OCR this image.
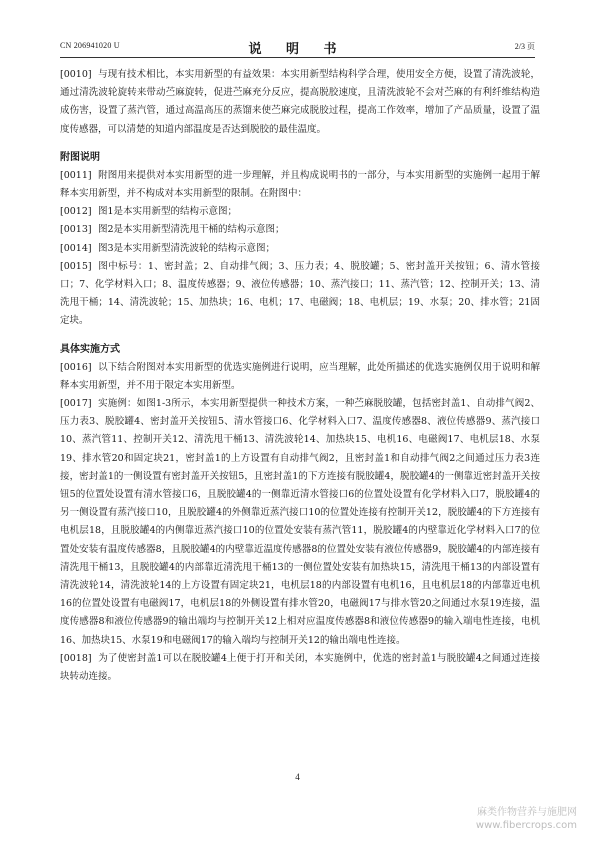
CN 206941020 U	说 明 书	2/3 页

[0010] 与现有技术相比，本实用新型的有益效果：本实用新型结构科学合理，使用安全方便，设置了清洗波轮，通过清洗波轮旋转来带动苎麻旋转，促进苎麻充分反应，提高脱胶速度，且清洗波轮不会对苎麻的有利纤维结构造成伤害，设置了蒸汽管，通过高温高压的蒸馏来使苎麻完成脱胶过程，提高工作效率，增加了产品质量，设置了温度传感器，可以清楚的知道内部温度是否达到脱胶的最佳温度。

附图说明

[0011] 附图用来提供对本实用新型的进一步理解，并且构成说明书的一部分，与本实用新型的实施例一起用于解释本实用新型，并不构成对本实用新型的限制。在附图中：

[0012] 图1是本实用新型的结构示意图；

[0013] 图2是本实用新型清洗甩干桶的结构示意图；

[0014] 图3是本实用新型清洗波轮的结构示意图；

[0015] 图中标号：1、密封盖；2、自动排气阀；3、压力表；4、脱胶罐；5、密封盖开关按钮；6、清水管接口；7、化学材料入口；8、温度传感器；9、液位传感器；10、蒸汽接口；11、蒸汽管；12、控制开关；13、清洗甩干桶；14、清洗波轮；15、加热块；16、电机；17、电磁阀；18、电机层；19、水泵；20、排水管；21固定块。

具体实施方式

[0016] 以下结合附图对本实用新型的优选实施例进行说明，应当理解，此处所描述的优选实施例仅用于说明和解释本实用新型，并不用于限定本实用新型。

[0017] 实施例：如图1-3所示，本实用新型提供一种技术方案，一种苎麻脱胶罐，包括密封盖1、自动排气阀2、压力表3、脱胶罐4、密封盖开关按钮5、清水管接口6、化学材料入口7、温度传感器8、液位传感器9、蒸汽接口10、蒸汽管11、控制开关12、清洗甩干桶13、清洗波轮14、加热块15、电机16、电磁阀17、电机层18、水泵19、排水管20和固定块21，密封盖1的上方设置有自动排气阀2，且密封盖1和自动排气阀2之间通过压力表3连接，密封盖1的一侧设置有密封盖开关按钮5，且密封盖1的下方连接有脱胶罐4，脱胶罐4的一侧靠近密封盖开关按钮5的位置处设置有清水管接口6，且脱胶罐4的一侧靠近清水管接口6的位置处设置有化学材料入口7，脱胶罐4的另一侧设置有蒸汽接口10，且脱胶罐4的外侧靠近蒸汽接口10的位置处连接有控制开关12，脱胶罐4的下方连接有电机层18，且脱胶罐4的内侧靠近蒸汽接口10的位置处安装有蒸汽管11，脱胶罐4的内壁靠近化学材料入口7的位置处安装有温度传感器8，且脱胶罐4的内壁靠近温度传感器8的位置处安装有液位传感器9，脱胶罐4的内部连接有清洗甩干桶13，且脱胶罐4的内部靠近清洗甩干桶13的一侧位置处安装有加热块15，清洗甩干桶13的内部设置有清洗波轮14，清洗波轮14的上方设置有固定块21，电机层18的内部设置有电机16，且电机层18的内部靠近电机16的位置处设置有电磁阀17，电机层18的外侧设置有排水管20，电磁阀17与排水管20之间通过水泵19连接，温度传感器8和液位传感器9的输出端均与控制开关12上相对应温度传感器8和液位传感器9的输入端电性连接，电机16、加热块15、水泵19和电磁阀17的输入端均与控制开关12的输出端电性连接。

[0018] 为了使密封盖1可以在脱胶罐4上便于打开和关闭，本实施例中，优选的密封盖1与脱胶罐4之间通过连接块转动连接。

4
麻类作物营养与施肥网
www.fibercrops.com
